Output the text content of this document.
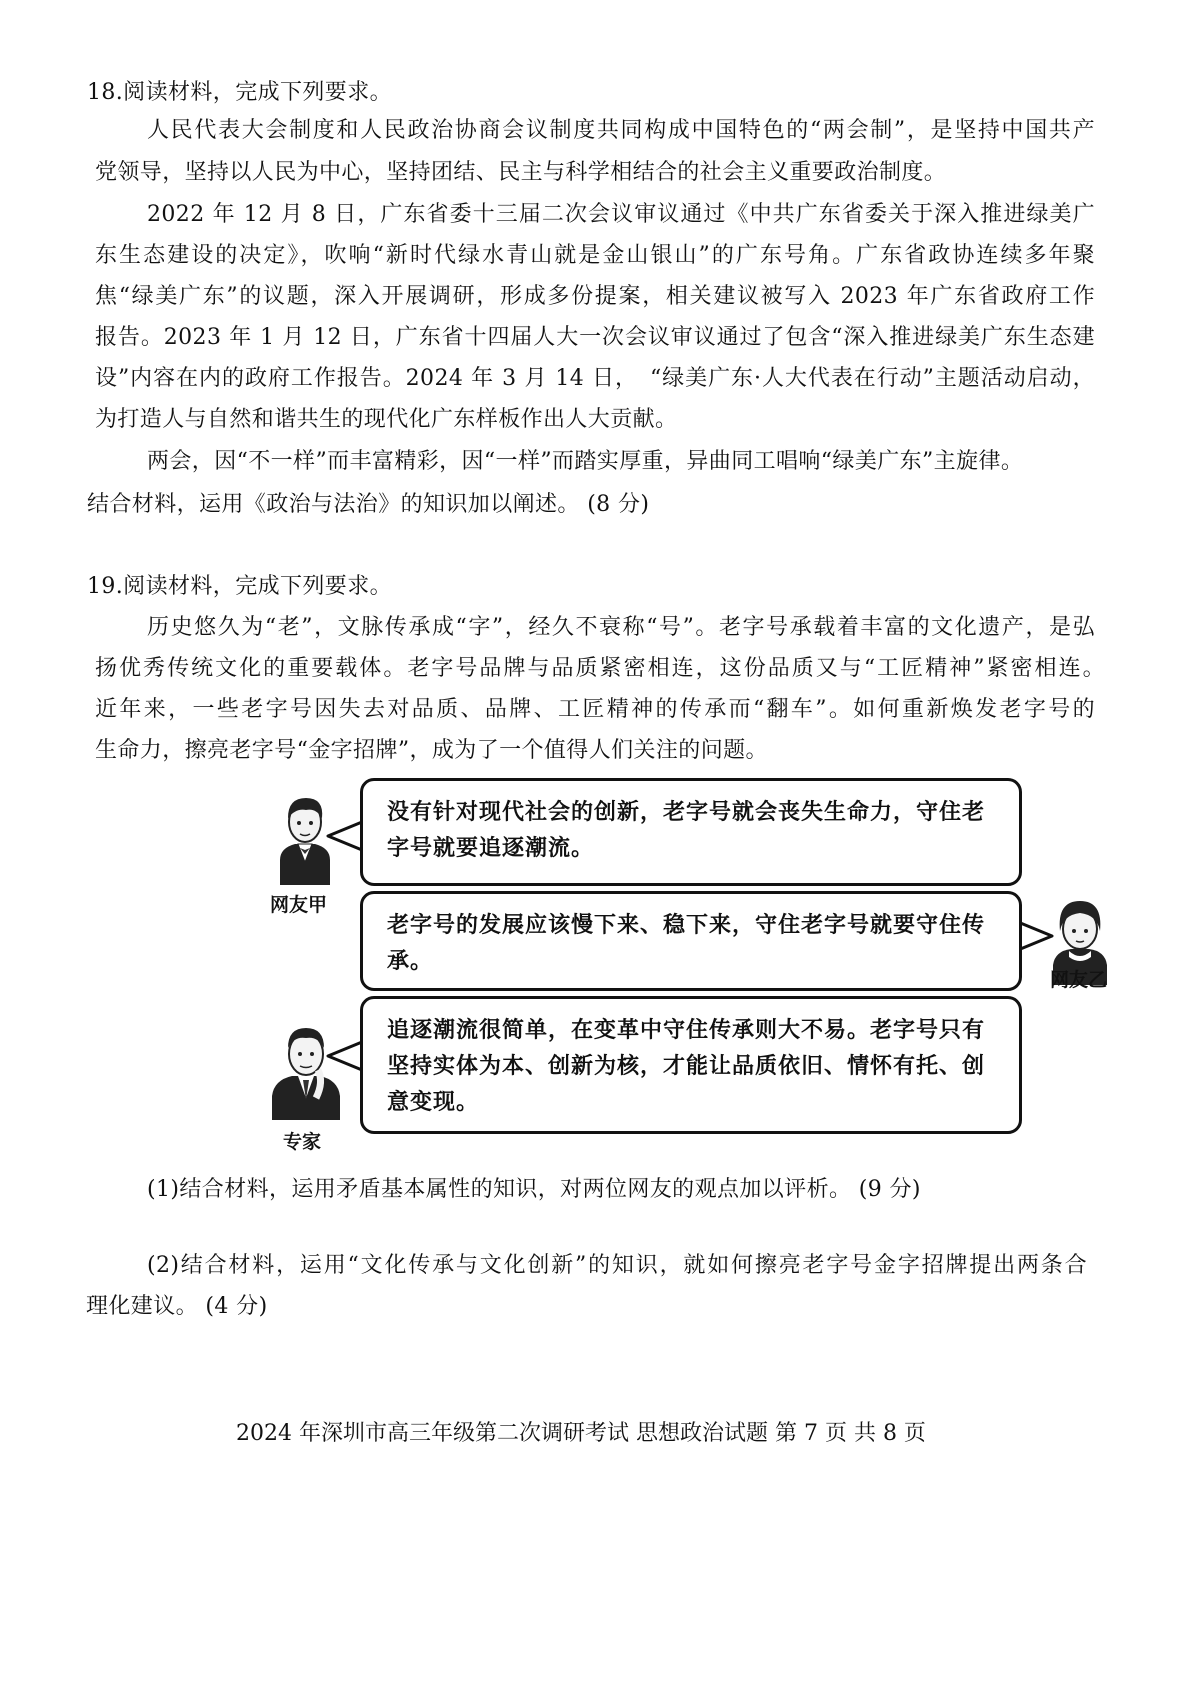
18.阅读材料，完成下列要求。
人民代表大会制度和人民政治协商会议制度共同构成中国特色的“两会制”，是坚持中国共产
党领导，坚持以人民为中心，坚持团结、民主与科学相结合的社会主义重要政治制度。
2022 年 12 月 8 日，广东省委十三届二次会议审议通过《中共广东省委关于深入推进绿美广
东生态建设的决定》，吹响“新时代绿水青山就是金山银山”的广东号角。广东省政协连续多年聚
焦“绿美广东”的议题，深入开展调研，形成多份提案，相关建议被写入 2023 年广东省政府工作
报告。2023 年 1 月 12 日，广东省十四届人大一次会议审议通过了包含“深入推进绿美广东生态建
设”内容在内的政府工作报告。2024 年 3 月 14 日，　“绿美广东·人大代表在行动”主题活动启动，
为打造人与自然和谐共生的现代化广东样板作出人大贡献。
两会，因“不一样”而丰富精彩，因“一样”而踏实厚重，异曲同工唱响“绿美广东”主旋律。
结合材料，运用《政治与法治》的知识加以阐述。 (8 分)
19.阅读材料，完成下列要求。
历史悠久为“老”，文脉传承成“字”，经久不衰称“号”。老字号承载着丰富的文化遗产，是弘
扬优秀传统文化的重要载体。老字号品牌与品质紧密相连，这份品质又与“工匠精神”紧密相连。
近年来，一些老字号因失去对品质、品牌、工匠精神的传承而“翻车”。如何重新焕发老字号的
生命力，擦亮老字号“金字招牌”，成为了一个值得人们关注的问题。
网友甲
没有针对现代社会的创新，老字号就会丧失生命力，守住老
字号就要追逐潮流。
网友乙
老字号的发展应该慢下来、稳下来，守住老字号就要守住传
承。
专家
追逐潮流很简单，在变革中守住传承则大不易。老字号只有
坚持实体为本、创新为核，才能让品质依旧、情怀有托、创
意变现。
(1)结合材料，运用矛盾基本属性的知识，对两位网友的观点加以评析。 (9 分)
(2)结合材料，运用“文化传承与文化创新”的知识，就如何擦亮老字号金字招牌提出两条合
理化建议。 (4 分)
2024 年深圳市高三年级第二次调研考试 思想政治试题 第 7 页 共 8 页
